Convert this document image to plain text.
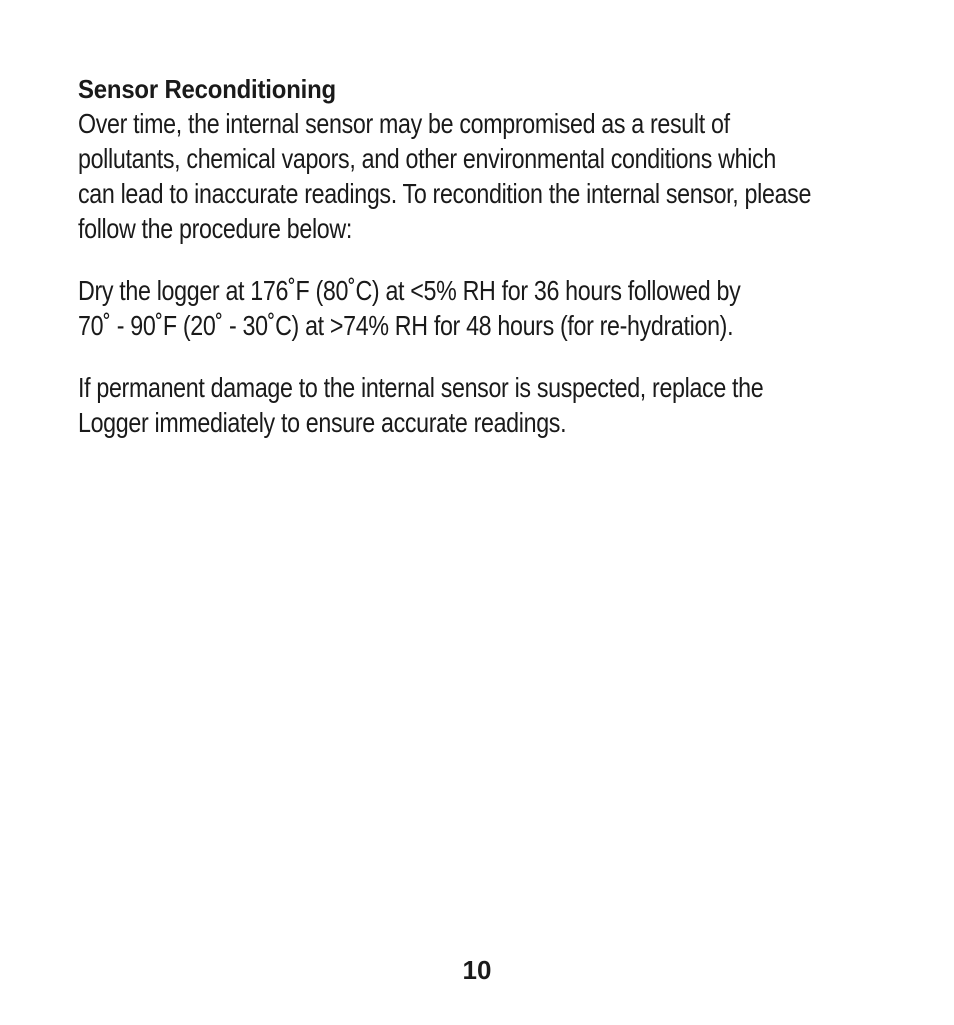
Sensor Reconditioning

Over time, the internal sensor may be compromised as a result of
pollutants, chemical vapors, and other environmental conditions which
can lead to inaccurate readings. To recondition the internal sensor, please
follow the procedure below:

Dry the logger at 176˚F (80˚C) at <5% RH for 36 hours followed by
70˚ - 90˚F (20˚ - 30˚C) at >74% RH for 48 hours (for re-hydration).

If permanent damage to the internal sensor is suspected, replace the
Logger immediately to ensure accurate readings.

10
